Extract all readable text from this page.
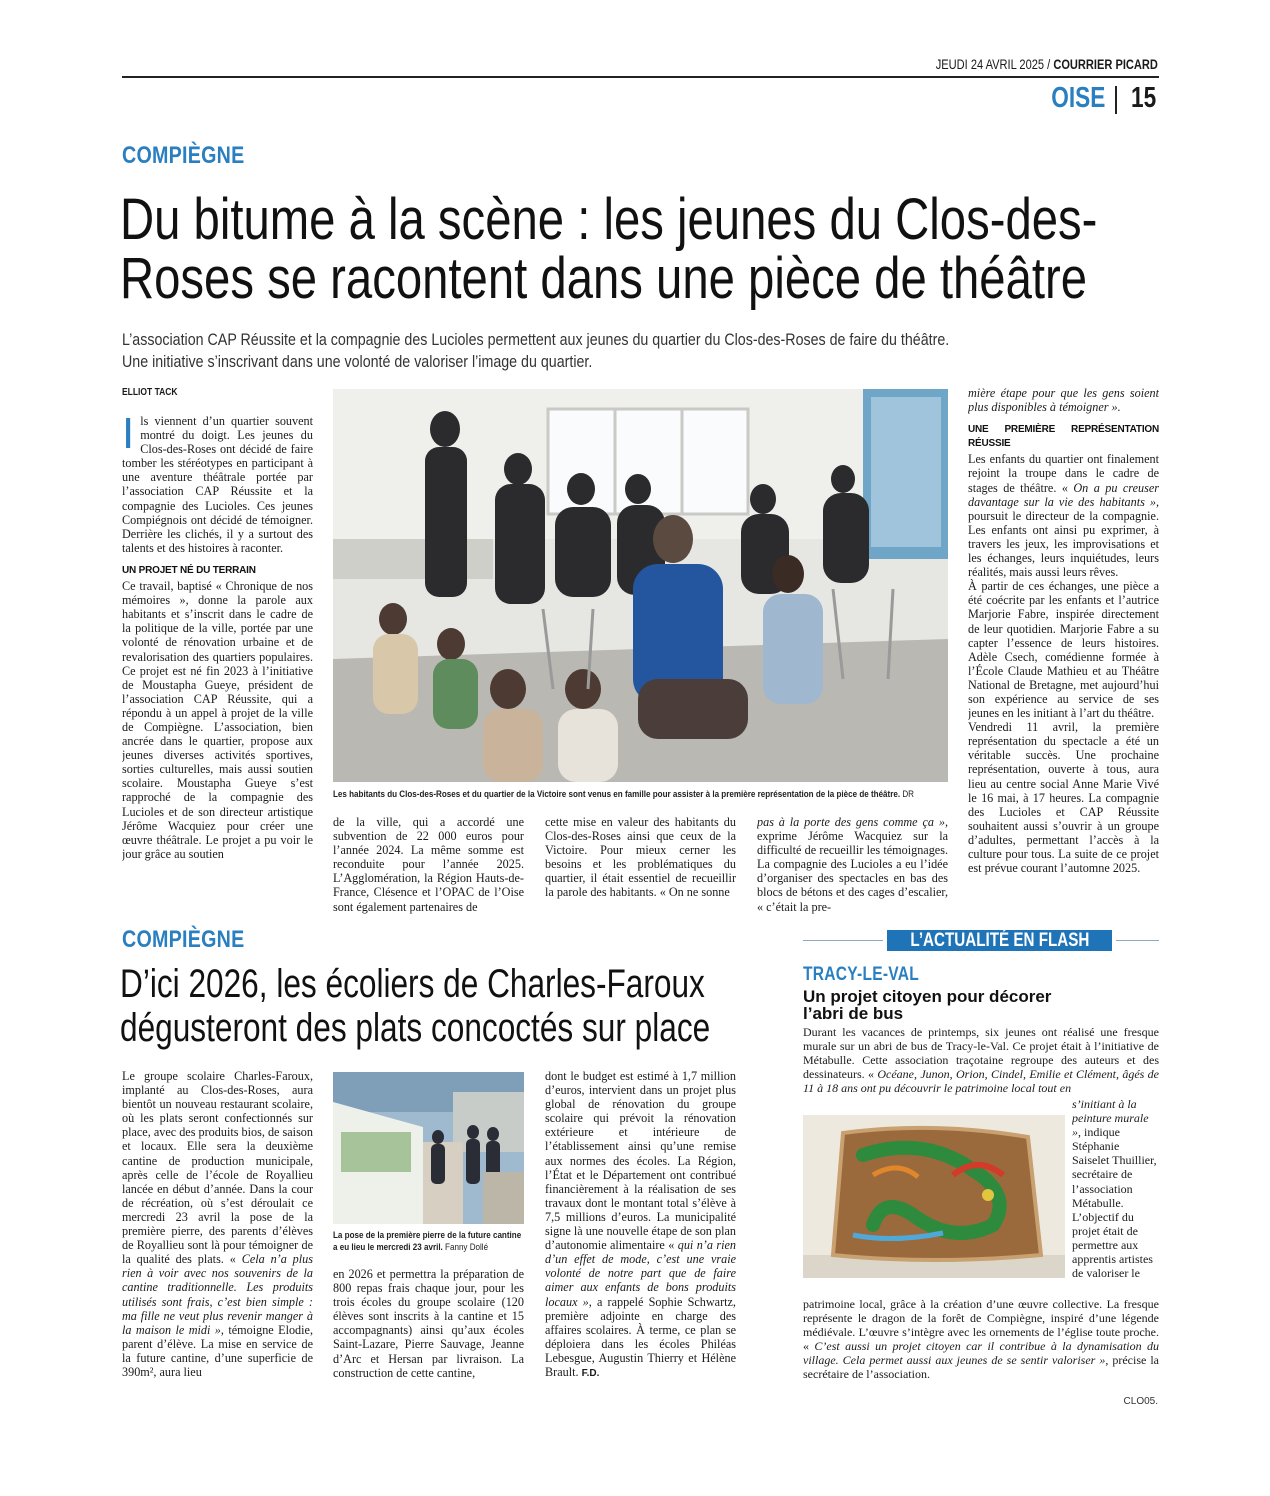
JEUDI 24 AVRIL 2025 / COURRIER PICARD
OISE 15
COMPIÈGNE
Du bitume à la scène : les jeunes du Clos-des-
Roses se racontent dans une pièce de théâtre
L’association CAP Réussite et la compagnie des Lucioles permettent aux jeunes du quartier du Clos-des-Roses de faire du théâtre.
Une initiative s’inscrivant dans une volonté de valoriser l’image du quartier.
ELLIOT TACK

Ils viennent d’un quartier souvent montré du doigt. Les jeunes du Clos-des-Roses ont décidé de faire tomber les stéréotypes en participant à une aventure théâtrale portée par l’association CAP Réussite et la compagnie des Lucioles. Ces jeunes Compiégnois ont décidé de témoigner. Derrière les clichés, il y a surtout des talents et des histoires à raconter.

UN PROJET NÉ DU TERRAIN

Ce travail, baptisé « Chronique de nos mémoires », donne la parole aux habitants et s’inscrit dans le cadre de la politique de la ville, portée par une volonté de rénovation urbaine et de revalorisation des quartiers populaires. Ce projet est né fin 2023 à l’initiative de Moustapha Gueye, président de l’association CAP Réussite, qui a répondu à un appel à projet de la ville de Compiègne. L’association, bien ancrée dans le quartier, propose aux jeunes diverses activités sportives, sorties culturelles, mais aussi soutien scolaire. Moustapha Gueye s’est rapproché de la compagnie des Lucioles et de son directeur artistique Jérôme Wacquiez pour créer une œuvre théâtrale. Le projet a pu voir le jour grâce au soutien

Les habitants du Clos-des-Roses et du quartier de la Victoire sont venus en famille pour assister à la première représentation de la pièce de théâtre. DR

de la ville, qui a accordé une subvention de 22 000 euros pour l’année 2024. La même somme est reconduite pour l’année 2025. L’Agglomération, la Région Hauts-de-France, Clésence et l’OPAC de l’Oise sont également partenaires de

cette mise en valeur des habitants du Clos-des-Roses ainsi que ceux de la Victoire. Pour mieux cerner les besoins et les problématiques du quartier, il était essentiel de recueillir la parole des habitants. « On ne sonne

pas à la porte des gens comme ça », exprime Jérôme Wacquiez sur la difficulté de recueillir les témoignages. La compagnie des Lucioles a eu l’idée d’organiser des spectacles en bas des blocs de bétons et des cages d’escalier, « c’était la pre-

mière étape pour que les gens soient plus disponibles à témoigner ».

UNE PREMIÈRE REPRÉSENTATION RÉUSSIE

Les enfants du quartier ont finalement rejoint la troupe dans le cadre de stages de théâtre. « On a pu creuser davantage sur la vie des habitants », poursuit le directeur de la compagnie. Les enfants ont ainsi pu exprimer, à travers les jeux, les improvisations et les échanges, leurs inquiétudes, leurs réalités, mais aussi leurs rêves.

À partir de ces échanges, une pièce a été coécrite par les enfants et l’autrice Marjorie Fabre, inspirée directement de leur quotidien. Marjorie Fabre a su capter l’essence de leurs histoires. Adèle Csech, comédienne formée à l’École Claude Mathieu et au Théâtre National de Bretagne, met aujourd’hui son expérience au service de ses jeunes en les initiant à l’art du théâtre.

Vendredi 11 avril, la première représentation du spectacle a été un véritable succès. Une prochaine représentation, ouverte à tous, aura lieu au centre social Anne Marie Vivé le 16 mai, à 17 heures. La compagnie des Lucioles et CAP Réussite souhaitent aussi s’ouvrir à un groupe d’adultes, permettant l’accès à la culture pour tous. La suite de ce projet est prévue courant l’automne 2025.

COMPIÈGNE
D’ici 2026, les écoliers de Charles-Faroux
dégusteront des plats concoctés sur place

Le groupe scolaire Charles-Faroux, implanté au Clos-des-Roses, aura bientôt un nouveau restaurant scolaire, où les plats seront confectionnés sur place, avec des produits bios, de saison et locaux. Elle sera la deuxième cantine de production municipale, après celle de l’école de Royallieu lancée en début d’année. Dans la cour de récréation, où s’est déroulait ce mercredi 23 avril la pose de la première pierre, des parents d’élèves de Royallieu sont là pour témoigner de la qualité des plats. « Cela n’a plus rien à voir avec nos souvenirs de la cantine traditionnelle. Les produits utilisés sont frais, c’est bien simple : ma fille ne veut plus revenir manger à la maison le midi », témoigne Elodie, parent d’élève. La mise en service de la future cantine, d’une superficie de 390m², aura lieu

La pose de la première pierre de la future cantine a eu lieu le mercredi 23 avril. Fanny Dollé

en 2026 et permettra la préparation de 800 repas frais chaque jour, pour les trois écoles du groupe scolaire (120 élèves sont inscrits à la cantine et 15 accompagnants) ainsi qu’aux écoles Saint-Lazare, Pierre Sauvage, Jeanne d’Arc et Hersan par livraison. La construction de cette cantine,

dont le budget est estimé à 1,7 million d’euros, intervient dans un projet plus global de rénovation du groupe scolaire qui prévoit la rénovation extérieure et intérieure de l’établissement ainsi qu’une remise aux normes des écoles. La Région, l’État et le Département ont contribué financièrement à la réalisation de ses travaux dont le montant total s’élève à 7,5 millions d’euros. La municipalité signe là une nouvelle étape de son plan d’autonomie alimentaire « qui n’a rien d’un effet de mode, c’est une vraie volonté de notre part que de faire aimer aux enfants de bons produits locaux », a rappelé Sophie Schwartz, première adjointe en charge des affaires scolaires. À terme, ce plan se déploiera dans les écoles Philéas Lebesgue, Augustin Thierry et Hélène Brault. F.D.

L’ACTUALITÉ EN FLASH
TRACY-LE-VAL
Un projet citoyen pour décorer
l’abri de bus

Durant les vacances de printemps, six jeunes ont réalisé une fresque murale sur un abri de bus de Tracy-le-Val. Ce projet était à l’initiative de Métabulle. Cette association traçotaine regroupe des auteurs et des dessinateurs. « Océane, Junon, Orion, Cindel, Emilie et Clément, âgés de 11 à 18 ans ont pu découvrir le patrimoine local tout en

s’initiant à la peinture murale », indique Stéphanie Saiselet Thuillier, secrétaire de l’association Métabulle. L’objectif du projet était de permettre aux apprentis artistes de valoriser le

patrimoine local, grâce à la création d’une œuvre collective. La fresque représente le dragon de la forêt de Compiègne, inspiré d’une légende médiévale. L’œuvre s’intègre avec les ornements de l’église toute proche. « C’est aussi un projet citoyen car il contribue à la dynamisation du village. Cela permet aussi aux jeunes de se sentir valoriser », précise la secrétaire de l’association.

CLO05.
